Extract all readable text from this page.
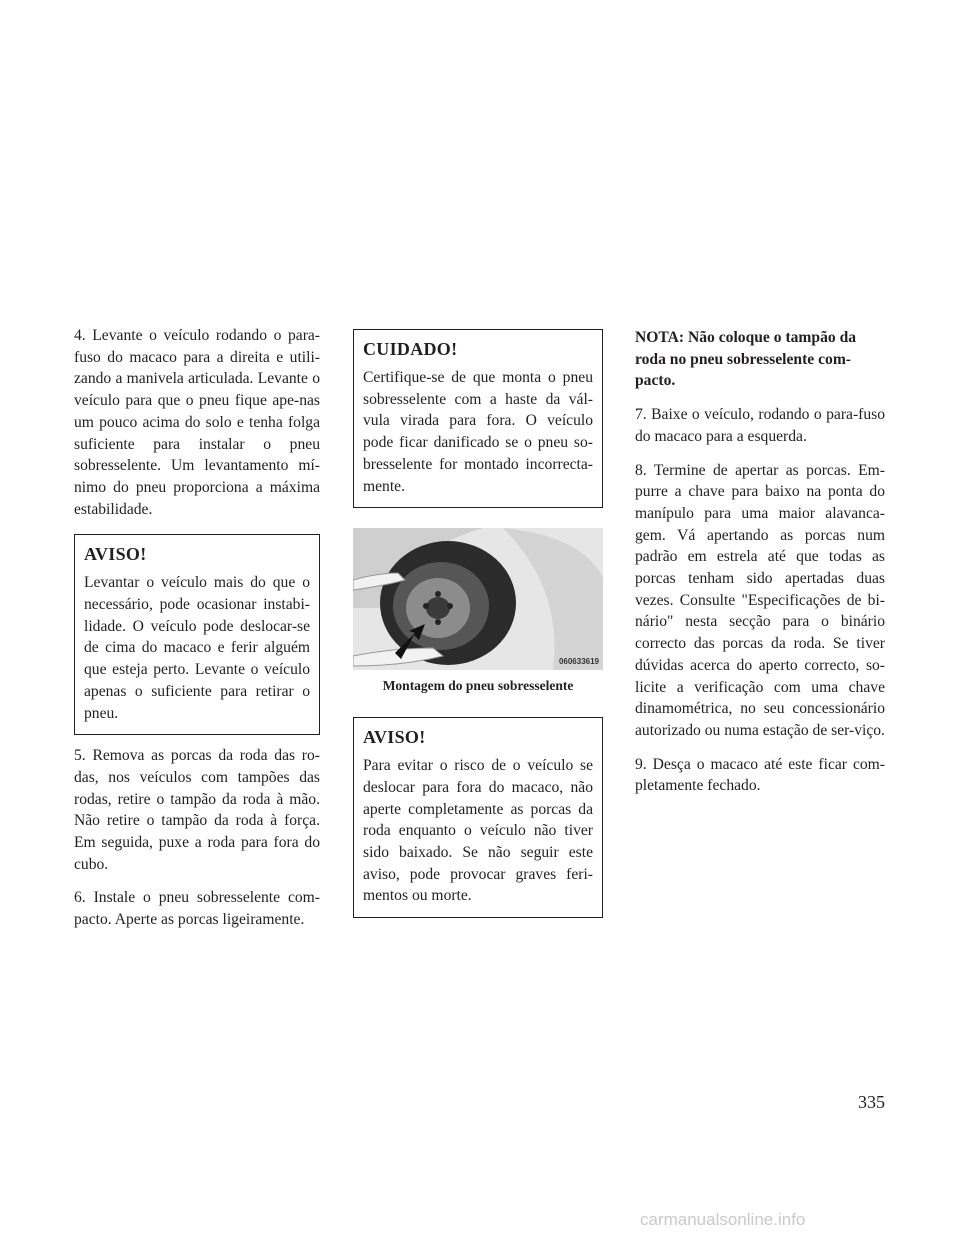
4. Levante o veículo rodando o para-fuso do macaco para a direita e utili-zando a manivela articulada. Levante o veículo para que o pneu fique ape-nas um pouco acima do solo e tenha folga suficiente para instalar o pneu sobresselente. Um levantamento mí-nimo do pneu proporciona a máxima estabilidade.

AVISO!

Levantar o veículo mais do que o necessário, pode ocasionar instabi-lidade. O veículo pode deslocar-se de cima do macaco e ferir alguém que esteja perto. Levante o veículo apenas o suficiente para retirar o pneu.

5. Remova as porcas da roda das ro-das, nos veículos com tampões das rodas, retire o tampão da roda à mão. Não retire o tampão da roda à força. Em seguida, puxe a roda para fora do cubo.

6. Instale o pneu sobresselente com-pacto. Aperte as porcas ligeiramente.

CUIDADO!

Certifique-se de que monta o pneu sobresselente com a haste da vál-vula virada para fora. O veículo pode ficar danificado se o pneu so-bresselente for montado incorrecta-mente.

060633619
Montagem do pneu sobresselente
AVISO!

Para evitar o risco de o veículo se deslocar para fora do macaco, não aperte completamente as porcas da roda enquanto o veículo não tiver sido baixado. Se não seguir este aviso, pode provocar graves feri-mentos ou morte.

NOTA: Não coloque o tampão da roda no pneu sobresselente com-pacto.

7. Baixe o veículo, rodando o para-fuso do macaco para a esquerda.

8. Termine de apertar as porcas. Em-purre a chave para baixo na ponta do manípulo para uma maior alavanca-gem. Vá apertando as porcas num padrão em estrela até que todas as porcas tenham sido apertadas duas vezes. Consulte "Especificações de bi-nário" nesta secção para o binário correcto das porcas da roda. Se tiver dúvidas acerca do aperto correcto, so-licite a verificação com uma chave dinamométrica, no seu concessionário autorizado ou numa estação de ser-viço.

9. Desça o macaco até este ficar com-pletamente fechado.

335
carmanualsonline.info
